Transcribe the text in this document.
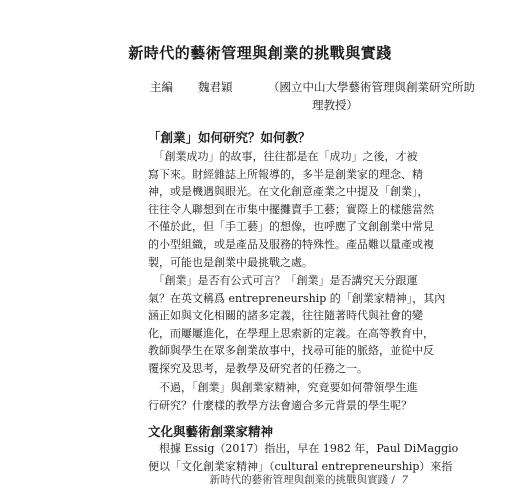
新時代的藝術管理與創業的挑戰與實踐
主編 魏君穎	（國立中山大學藝術管理與創業研究所助
理教授）
「創業」如何研究？如何教？
　「創業成功」的故事，往往都是在「成功」之後，才被
寫下來。財經雜誌上所報導的，多半是創業家的理念、精
神，或是機遇與眼光。在文化創意產業之中提及「創業」，
往往令人聯想到在市集中擺攤賣手工藝；實際上的樣態當然
不僅於此，但「手工藝」的想像，也呼應了文創創業中常見
的小型組織，或是產品及服務的特殊性。產品難以量產或複
製，可能也是創業中最挑戰之處。
　「創業」是否有公式可言？「創業」是否講究天分跟運
氣？在英文稱爲 entrepreneurship 的「創業家精神」，其內
涵正如與文化相關的諸多定義，往往隨著時代與社會的變
化，而屢屢進化，在學理上思索新的定義。在高等教育中，
教師與學生在眾多創業故事中，找尋可能的脈絡，並從中反
覆探究及思考，是教學及研究者的任務之一。
　不過，「創業」與創業家精神，究竟要如何帶領學生進
行研究？什麼樣的教學方法會適合多元背景的學生呢？
文化與藝術創業家精神
　根據 Essig（2017）指出，早在 1982 年，Paul DiMaggio
便以「文化創業家精神」（cultural entrepreneurship）來指
新時代的藝術管理與創業的挑戰與實踐 / 7
